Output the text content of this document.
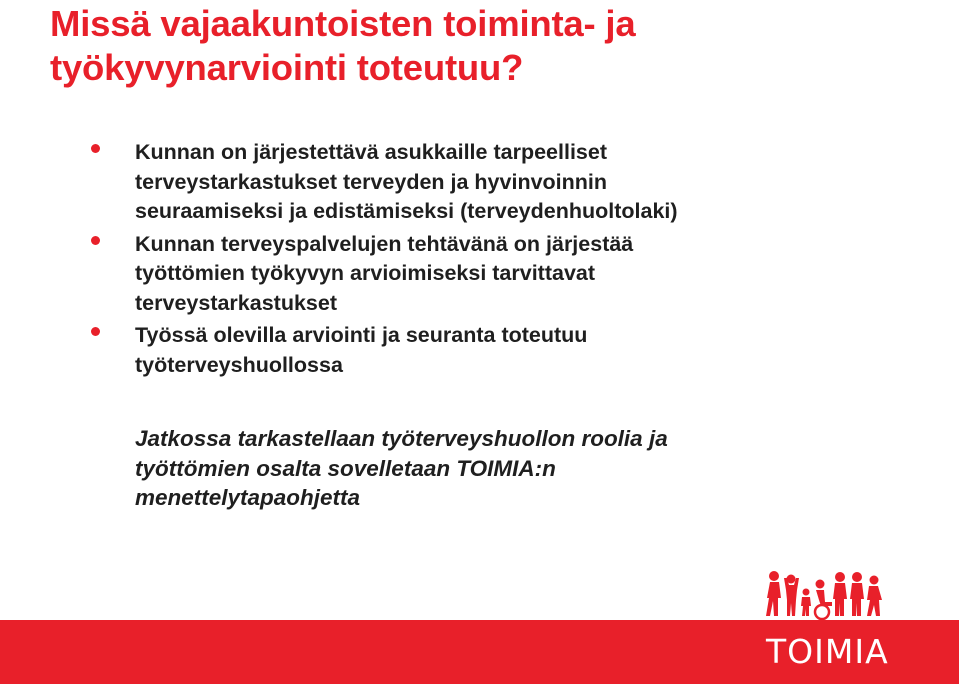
Missä vajaakuntoisten toiminta- ja
työkyvynarviointi toteutuu?
Kunnan on järjestettävä asukkaille tarpeelliset
terveystarkastukset terveyden ja hyvinvoinnin
seuraamiseksi ja edistämiseksi (terveydenhuoltolaki)
Kunnan terveyspalvelujen tehtävänä on järjestää
työttömien työkyvyn arvioimiseksi tarvittavat
terveystarkastukset
Työssä olevilla arviointi ja seuranta toteutuu
työterveyshuollossa
Jatkossa tarkastellaan työterveyshuollon roolia ja
työttömien osalta sovelletaan TOIMIA:n
menettelytapaohjetta
TOIMIA
